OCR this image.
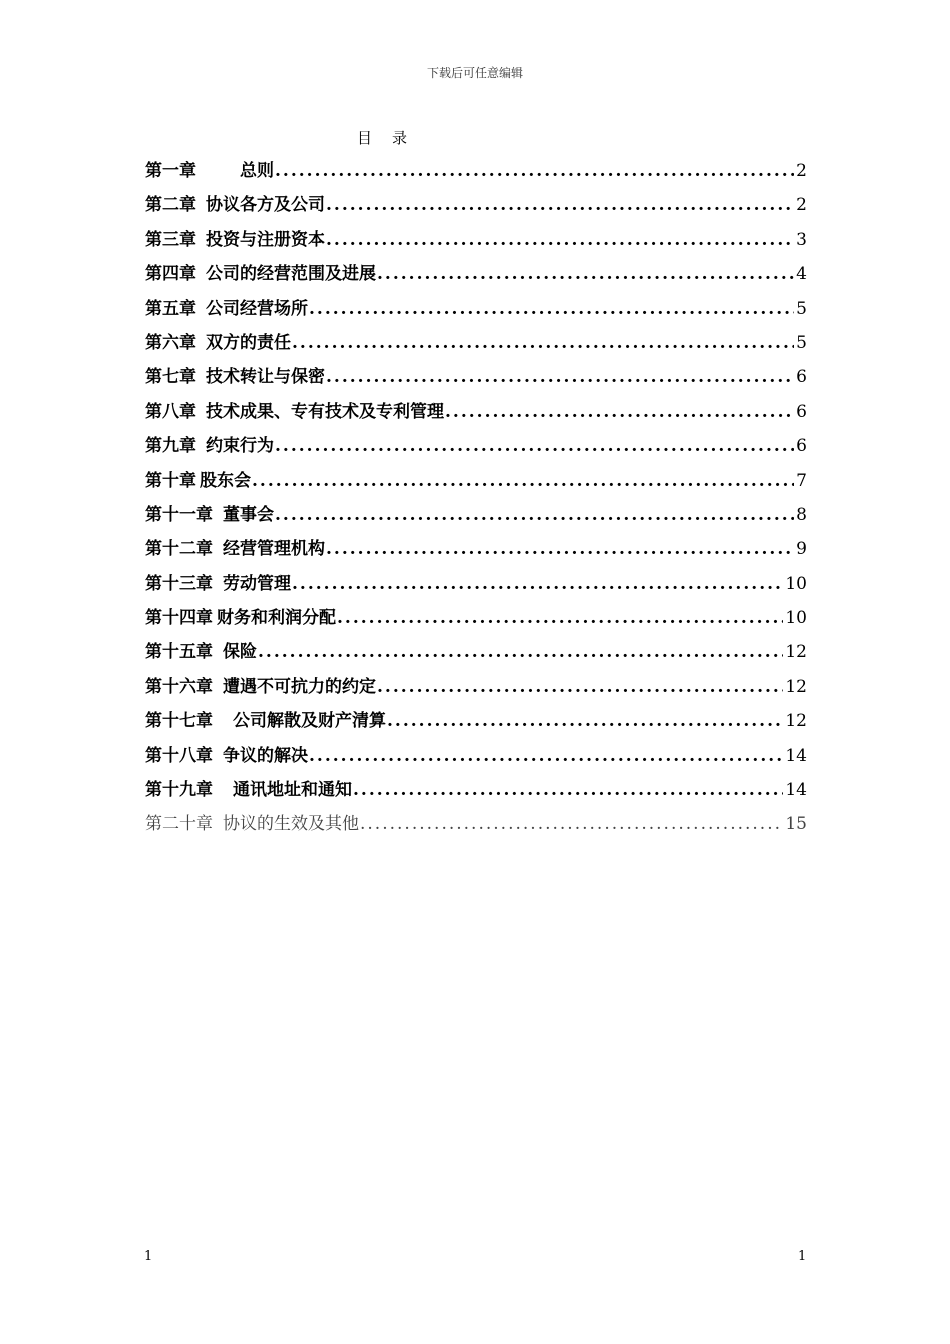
下载后可任意编辑
目 录
第一章	总则 .....	2
第二章 协议各方及公司 .....	2
第三章 投资与注册资本 .....	3
第四章 公司的经营范围及进展 .....	4
第五章 公司经营场所 .....	5
第六章 双方的责任 .....	5
第七章 技术转让与保密 .....	6
第八章 技术成果、专有技术及专利管理 .....	6
第九章 约束行为 .....	6
第十章 股东会 .....	7
第十一章 董事会 .....	8
第十二章 经营管理机构 .....	9
第十三章 劳动管理 .....	10
第十四章 财务和利润分配 .....	10
第十五章 保险 .....	12
第十六章 遭遇不可抗力的约定 .....	12
第十七章 公司解散及财产清算 .....	12
第十八章 争议的解决 .....	14
第十九章 通讯地址和通知 .....	14
第二十章 协议的生效及其他 .....	15
1	1
